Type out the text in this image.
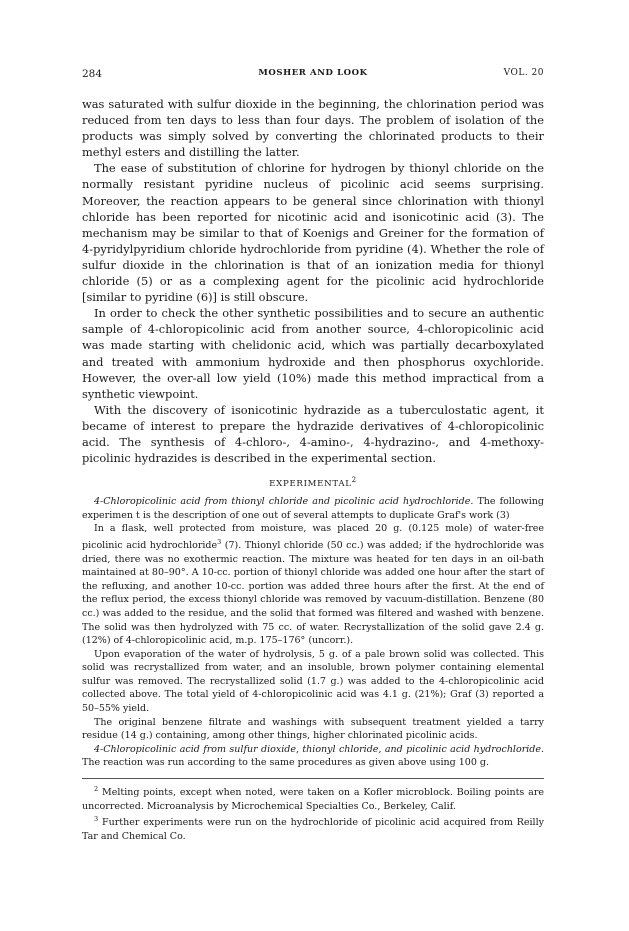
284	MOSHER AND LOOK	VOL. 20

was saturated with sulfur dioxide in the beginning, the chlorination period was reduced from ten days to less than four days. The problem of isolation of the products was simply solved by converting the chlorinated products to their methyl esters and distilling the latter.

The ease of substitution of chlorine for hydrogen by thionyl chloride on the normally resistant pyridine nucleus of picolinic acid seems surprising. Moreover, the reaction appears to be general since chlorination with thionyl chloride has been reported for nicotinic acid and isonicotinic acid (3). The mechanism may be similar to that of Koenigs and Greiner for the formation of 4-pyridylpyridium chloride hydrochloride from pyridine (4). Whether the role of sulfur dioxide in the chlorination is that of an ionization media for thionyl chloride (5) or as a complexing agent for the picolinic acid hydrochloride [similar to pyridine (6)] is still obscure.

In order to check the other synthetic possibilities and to secure an authentic sample of 4-chloropicolinic acid from another source, 4-chloropicolinic acid was made starting with chelidonic acid, which was partially decarboxylated and treated with ammonium hydroxide and then phosphorus oxychloride. However, the over-all low yield (10%) made this method impractical from a synthetic viewpoint.

With the discovery of isonicotinic hydrazide as a tuberculostatic agent, it became of interest to prepare the hydrazide derivatives of 4-chloropicolinic acid. The synthesis of 4-chloro-, 4-amino-, 4-hydrazino-, and 4-methoxy-picolinic hydrazides is described in the experimental section.

EXPERIMENTAL$^2$

4-Chloropicolinic acid from thionyl chloride and picolinic acid hydrochloride. The following experimen t is the description of one out of several attempts to duplicate Graf's work (3)

In a flask, well protected from moisture, was placed 20 g. (0.125 mole) of water-free picolinic acid hydrochloride$^3$ (7). Thionyl chloride (50 cc.) was added; if the hydrochloride was dried, there was no exothermic reaction. The mixture was heated for ten days in an oil-bath maintained at 80–90°. A 10-cc. portion of thionyl chloride was added one hour after the start of the refluxing, and another 10-cc. portion was added three hours after the first. At the end of the reflux period, the excess thionyl chloride was removed by vacuum-distillation. Benzene (80 cc.) was added to the residue, and the solid that formed was filtered and washed with benzene. The solid was then hydrolyzed with 75 cc. of water. Recrystallization of the solid gave 2.4 g. (12%) of 4-chloropicolinic acid, m.p. 175–176° (uncorr.).

Upon evaporation of the water of hydrolysis, 5 g. of a pale brown solid was collected. This solid was recrystallized from water, and an insoluble, brown polymer containing elemental sulfur was removed. The recrystallized solid (1.7 g.) was added to the 4-chloropicolinic acid collected above. The total yield of 4-chloropicolinic acid was 4.1 g. (21%); Graf (3) reported a 50–55% yield.

The original benzene filtrate and washings with subsequent treatment yielded a tarry residue (14 g.) containing, among other things, higher chlorinated picolinic acids.

4-Chloropicolinic acid from sulfur dioxide, thionyl chloride, and picolinic acid hydrochloride. The reaction was run according to the same procedures as given above using 100 g.

$^2$ Melting points, except when noted, were taken on a Kofler microblock. Boiling points are uncorrected. Microanalysis by Microchemical Specialties Co., Berkeley, Calif.

$^3$ Further experiments were run on the hydrochloride of picolinic acid acquired from Reilly Tar and Chemical Co.
